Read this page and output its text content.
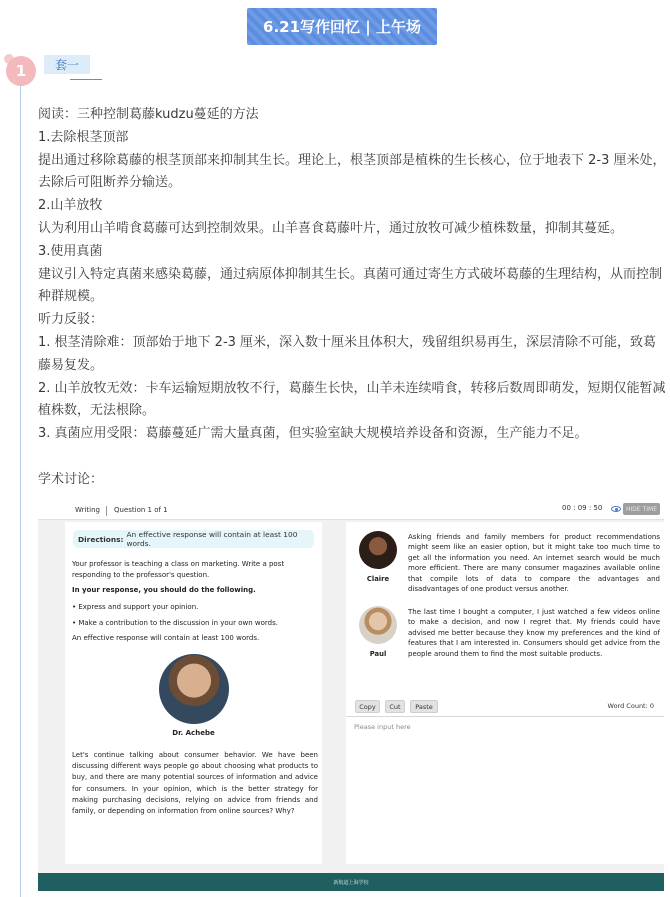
6.21写作回忆 | 上午场
1	套一

阅读：三种控制葛藤kudzu蔓延的方法

1.去除根茎顶部

提出通过移除葛藤的根茎顶部来抑制其生长。理论上，根茎顶部是植株的生长核心，位于地表下 2-3 厘米处，去除后可阻断养分输送。

2.山羊放牧

认为利用山羊啃食葛藤可达到控制效果。山羊喜食葛藤叶片，通过放牧可减少植株数量，抑制其蔓延。

3.使用真菌

建议引入特定真菌来感染葛藤，通过病原体抑制其生长。真菌可通过寄生方式破坏葛藤的生理结构，从而控制种群规模。

听力反驳：

1. 根茎清除难：顶部始于地下 2-3 厘米，深入数十厘米且体积大，残留组织易再生，深层清除不可能，致葛藤易复发。

2. 山羊放牧无效：卡车运输短期放牧不行，葛藤生长快，山羊未连续啃食，转移后数周即萌发，短期仅能暂减植株数，无法根除。

3. 真菌应用受限：葛藤蔓延广需大量真菌，但实验室缺大规模培养设备和资源，生产能力不足。

学术讨论：

Writing Question 1 of 1	00 : 09 : 50	HIDE TIME
Directions: An effective response will contain at least 100 words.
Your professor is teaching a class on marketing. Write a post responding to the professor's question.
In your response, you should do the following.
• Express and support your opinion.
• Make a contribution to the discussion in your own words.
An effective response will contain at least 100 words.
Dr. Achebe
Let's continue talking about consumer behavior. We have been discussing different ways people go about choosing what products to buy, and there are many potential sources of information and advice for consumers. In your opinion, which is the better strategy for making purchasing decisions, relying on advice from friends and family, or depending on information from online sources? Why?
Claire
Asking friends and family members for product recommendations might seem like an easier option, but it might take too much time to get all the information you need. An internet search would be much more efficient. There are many consumer magazines available online that compile lots of data to compare the advantages and disadvantages of one product versus another.
Paul
The last time I bought a computer, I just watched a few videos online to make a decision, and now I regret that. My friends could have advised me better because they know my preferences and the kind of features that I am interested in. Consumers should get advice from the people around them to find the most suitable products.
Copy	Cut	Paste	Word Count: 0
Please input here
新航道上海学校
